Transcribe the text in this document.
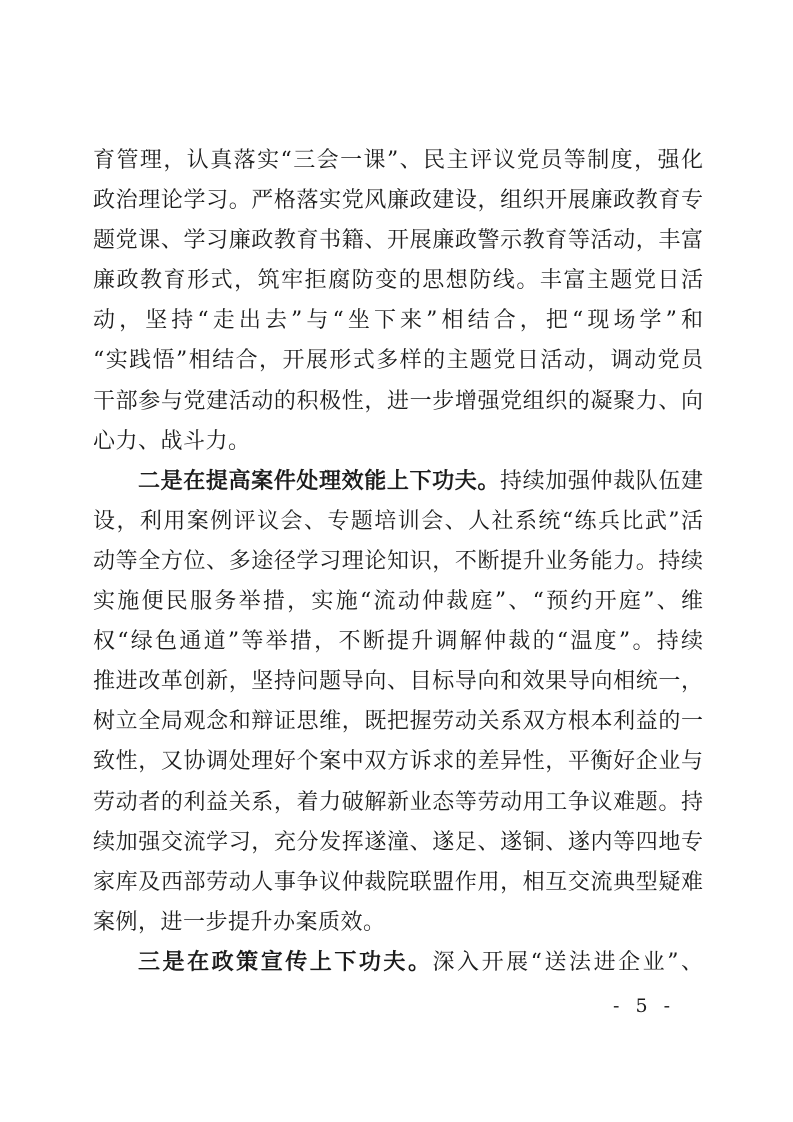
育管理，认真落实“三会一课”、民主评议党员等制度，强化
政治理论学习。严格落实党风廉政建设，组织开展廉政教育专
题党课、学习廉政教育书籍、开展廉政警示教育等活动，丰富
廉政教育形式，筑牢拒腐防变的思想防线。丰富主题党日活
动，坚持“走出去”与“坐下来”相结合，把“现场学”和
“实践悟”相结合，开展形式多样的主题党日活动，调动党员
干部参与党建活动的积极性，进一步增强党组织的凝聚力、向
心力、战斗力。
二是在提高案件处理效能上下功夫。持续加强仲裁队伍建
设，利用案例评议会、专题培训会、人社系统“练兵比武”活
动等全方位、多途径学习理论知识，不断提升业务能力。持续
实施便民服务举措，实施“流动仲裁庭”、“预约开庭”、维
权“绿色通道”等举措，不断提升调解仲裁的“温度”。持续
推进改革创新，坚持问题导向、目标导向和效果导向相统一，
树立全局观念和辩证思维，既把握劳动关系双方根本利益的一
致性，又协调处理好个案中双方诉求的差异性，平衡好企业与
劳动者的利益关系，着力破解新业态等劳动用工争议难题。持
续加强交流学习，充分发挥遂潼、遂足、遂铜、遂内等四地专
家库及西部劳动人事争议仲裁院联盟作用，相互交流典型疑难
案例，进一步提升办案质效。
三是在政策宣传上下功夫。深入开展“送法进企业”、
- 5 -
